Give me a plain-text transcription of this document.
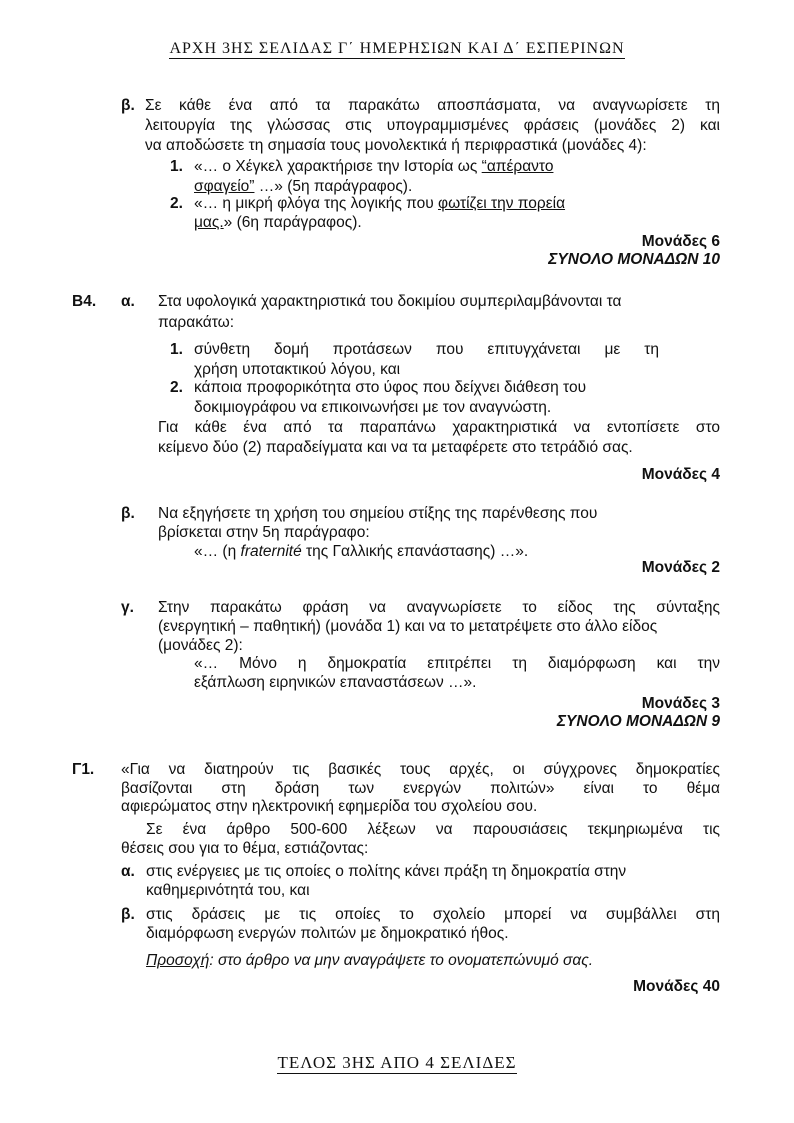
ΑΡΧΗ 3ΗΣ ΣΕΛΙΔΑΣ Γ΄ ΗΜΕΡΗΣΙΩΝ ΚΑΙ Δ΄ ΕΣΠΕΡΙΝΩΝ
β. Σε κάθε ένα από τα παρακάτω αποσπάσματα, να αναγνωρίσετε τη
λειτουργία της γλώσσας στις υπογραμμισμένες φράσεις (μονάδες 2) και
να αποδώσετε τη σημασία τους μονολεκτικά ή περιφραστικά (μονάδες 4):
1. «… ο Χέγκελ χαρακτήρισε την Ιστορία ως “απέραντο
σφαγείο” …» (5η παράγραφος).
2. «… η μικρή φλόγα της λογικής που φωτίζει την πορεία
μας.» (6η παράγραφος).
Μονάδες 6
ΣΥΝΟΛΟ ΜΟΝΑΔΩΝ 10
Β4. α. Στα υφολογικά χαρακτηριστικά του δοκιμίου συμπεριλαμβάνονται τα
παρακάτω:
1. σύνθετη δομή προτάσεων που επιτυγχάνεται με τη
χρήση υποτακτικού λόγου, και
2. κάποια προφορικότητα στο ύφος που δείχνει διάθεση του
δοκιμιογράφου να επικοινωνήσει με τον αναγνώστη.
Για κάθε ένα από τα παραπάνω χαρακτηριστικά να εντοπίσετε στο
κείμενο δύο (2) παραδείγματα και να τα μεταφέρετε στο τετράδιό σας.
Μονάδες 4
β. Να εξηγήσετε τη χρήση του σημείου στίξης της παρένθεσης που
βρίσκεται στην 5η παράγραφο:
«… (η fraternité της Γαλλικής επανάστασης) …».
Μονάδες 2
γ. Στην παρακάτω φράση να αναγνωρίσετε το είδος της σύνταξης
(ενεργητική – παθητική) (μονάδα 1) και να το μετατρέψετε στο άλλο είδος
(μονάδες 2):
«… Μόνο η δημοκρατία επιτρέπει τη διαμόρφωση και την
εξάπλωση ειρηνικών επαναστάσεων …».
Μονάδες 3
ΣΥΝΟΛΟ ΜΟΝΑΔΩΝ 9
Γ1. «Για να διατηρούν τις βασικές τους αρχές, οι σύγχρονες δημοκρατίες
βασίζονται στη δράση των ενεργών πολιτών» είναι το θέμα
αφιερώματος στην ηλεκτρονική εφημερίδα του σχολείου σου.
Σε ένα άρθρο 500-600 λέξεων να παρουσιάσεις τεκμηριωμένα τις
θέσεις σου για το θέμα, εστιάζοντας:
α. στις ενέργειες με τις οποίες ο πολίτης κάνει πράξη τη δημοκρατία στην
καθημερινότητά του, και
β. στις δράσεις με τις οποίες το σχολείο μπορεί να συμβάλλει στη
διαμόρφωση ενεργών πολιτών με δημοκρατικό ήθος.
Προσοχή: στο άρθρο να μην αναγράψετε το ονοματεπώνυμό σας.
Μονάδες 40
ΤΕΛΟΣ 3ΗΣ ΑΠΟ 4 ΣΕΛΙΔΕΣ
